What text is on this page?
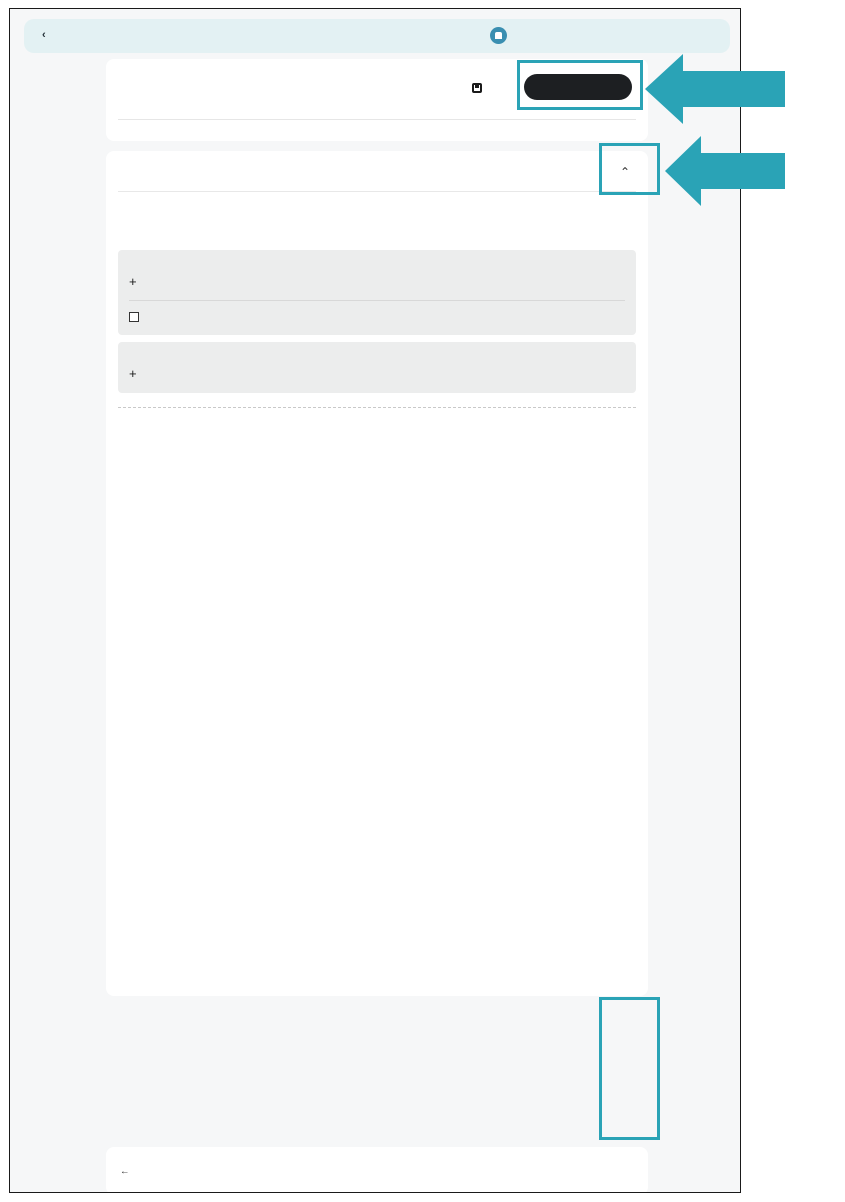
‹
⌃
+
+
←
